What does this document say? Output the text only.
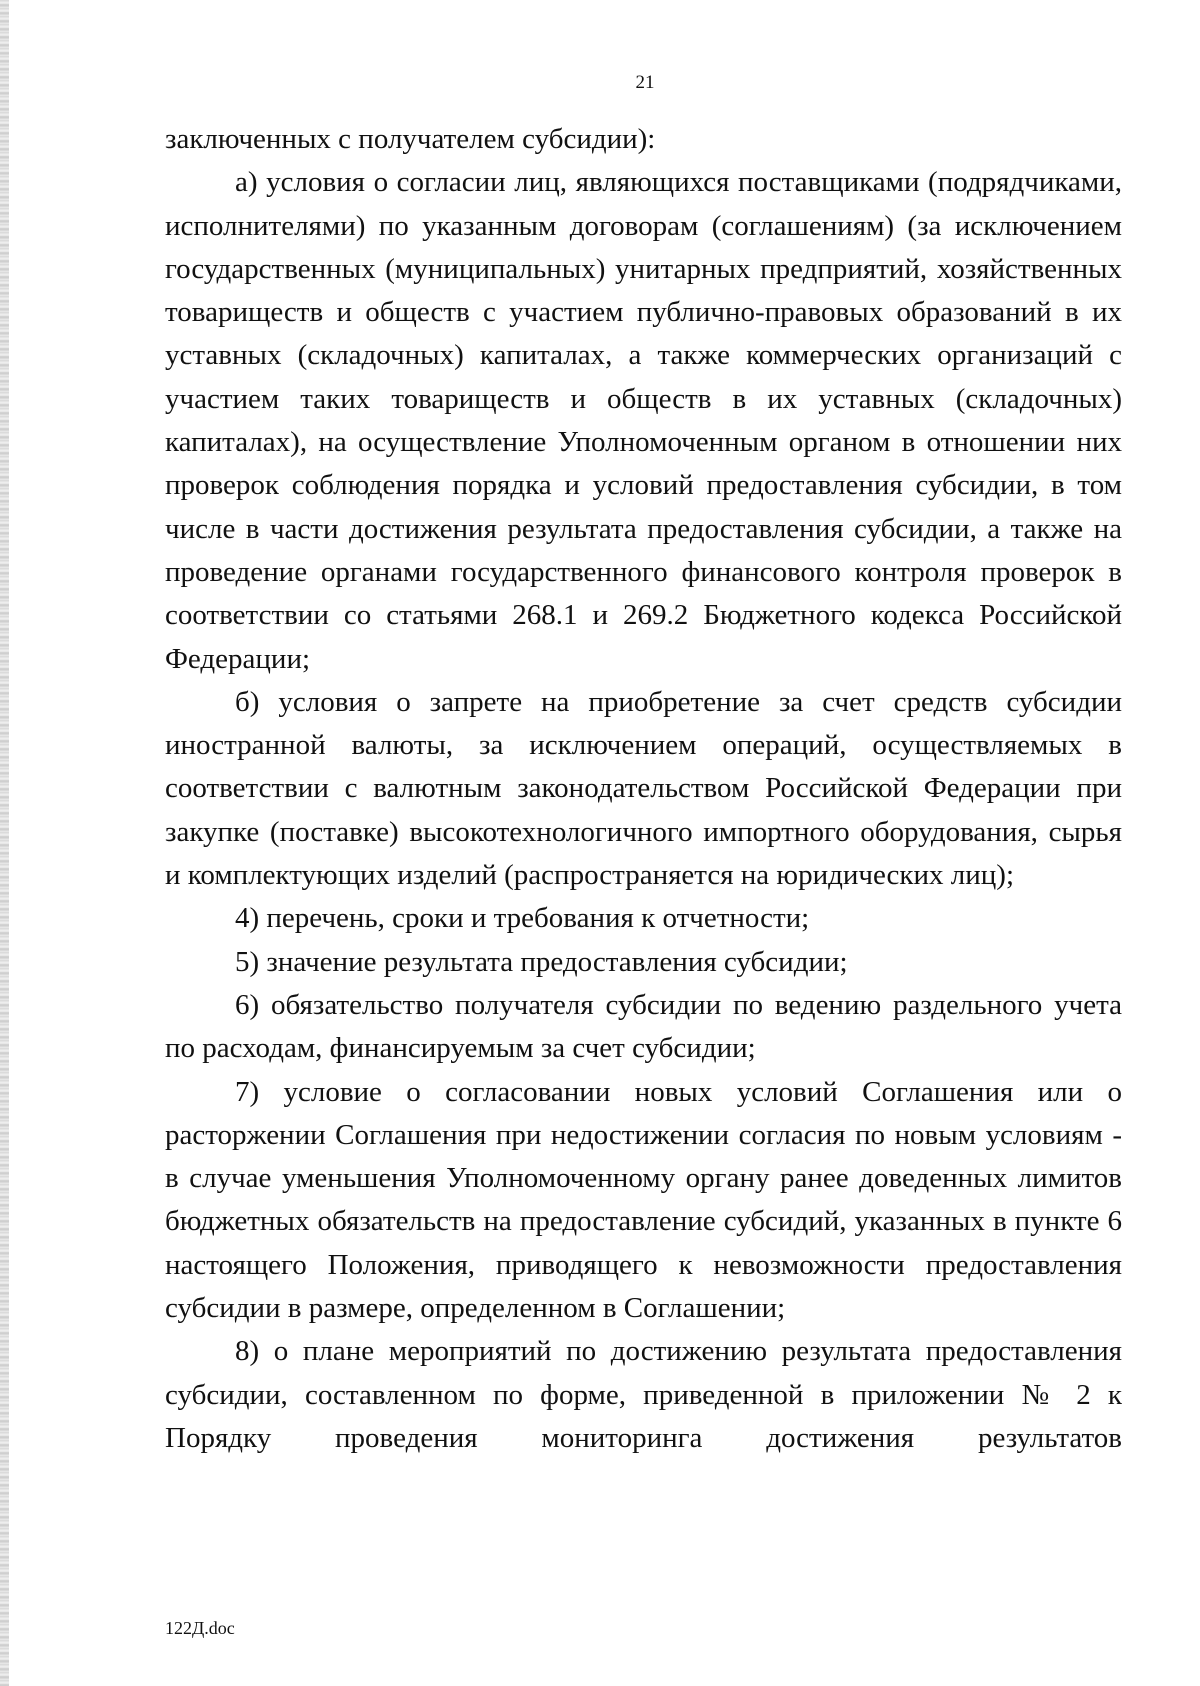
21

заключенных с получателем субсидии):

а) условия о согласии лиц, являющихся поставщиками (подрядчиками, исполнителями) по указанным договорам (соглашениям) (за исключением государственных (муниципальных) унитарных предприятий, хозяйственных товариществ и обществ с участием публично-правовых образований в их уставных (складочных) капиталах, а также коммерческих организаций с участием таких товариществ и обществ в их уставных (складочных) капиталах), на осуществление Уполномоченным органом в отношении них проверок соблюдения порядка и условий предоставления субсидии, в том числе в части достижения результата предоставления субсидии, а также на проведение органами государственного финансового контроля проверок в соответствии со статьями 268.1 и 269.2 Бюджетного кодекса Российской Федерации;

б) условия о запрете на приобретение за счет средств субсидии иностранной валюты, за исключением операций, осуществляемых в соответствии с валютным законодательством Российской Федерации при закупке (поставке) высокотехнологичного импортного оборудования, сырья и комплектующих изделий (распространяется на юридических лиц);

4) перечень, сроки и требования к отчетности;

5) значение результата предоставления субсидии;

6) обязательство получателя субсидии по ведению раздельного учета по расходам, финансируемым за счет субсидии;

7) условие о согласовании новых условий Соглашения или о расторжении Соглашения при недостижении согласия по новым условиям - в случае уменьшения Уполномоченному органу ранее доведенных лимитов бюджетных обязательств на предоставление субсидий, указанных в пункте 6 настоящего Положения, приводящего к невозможности предоставления субсидии в размере, определенном в Соглашении;

8) о плане мероприятий по достижению результата предоставления субсидии, составленном по форме, приведенной в приложении № 2 к Порядку проведения мониторинга достижения результатов

122Д.doc
